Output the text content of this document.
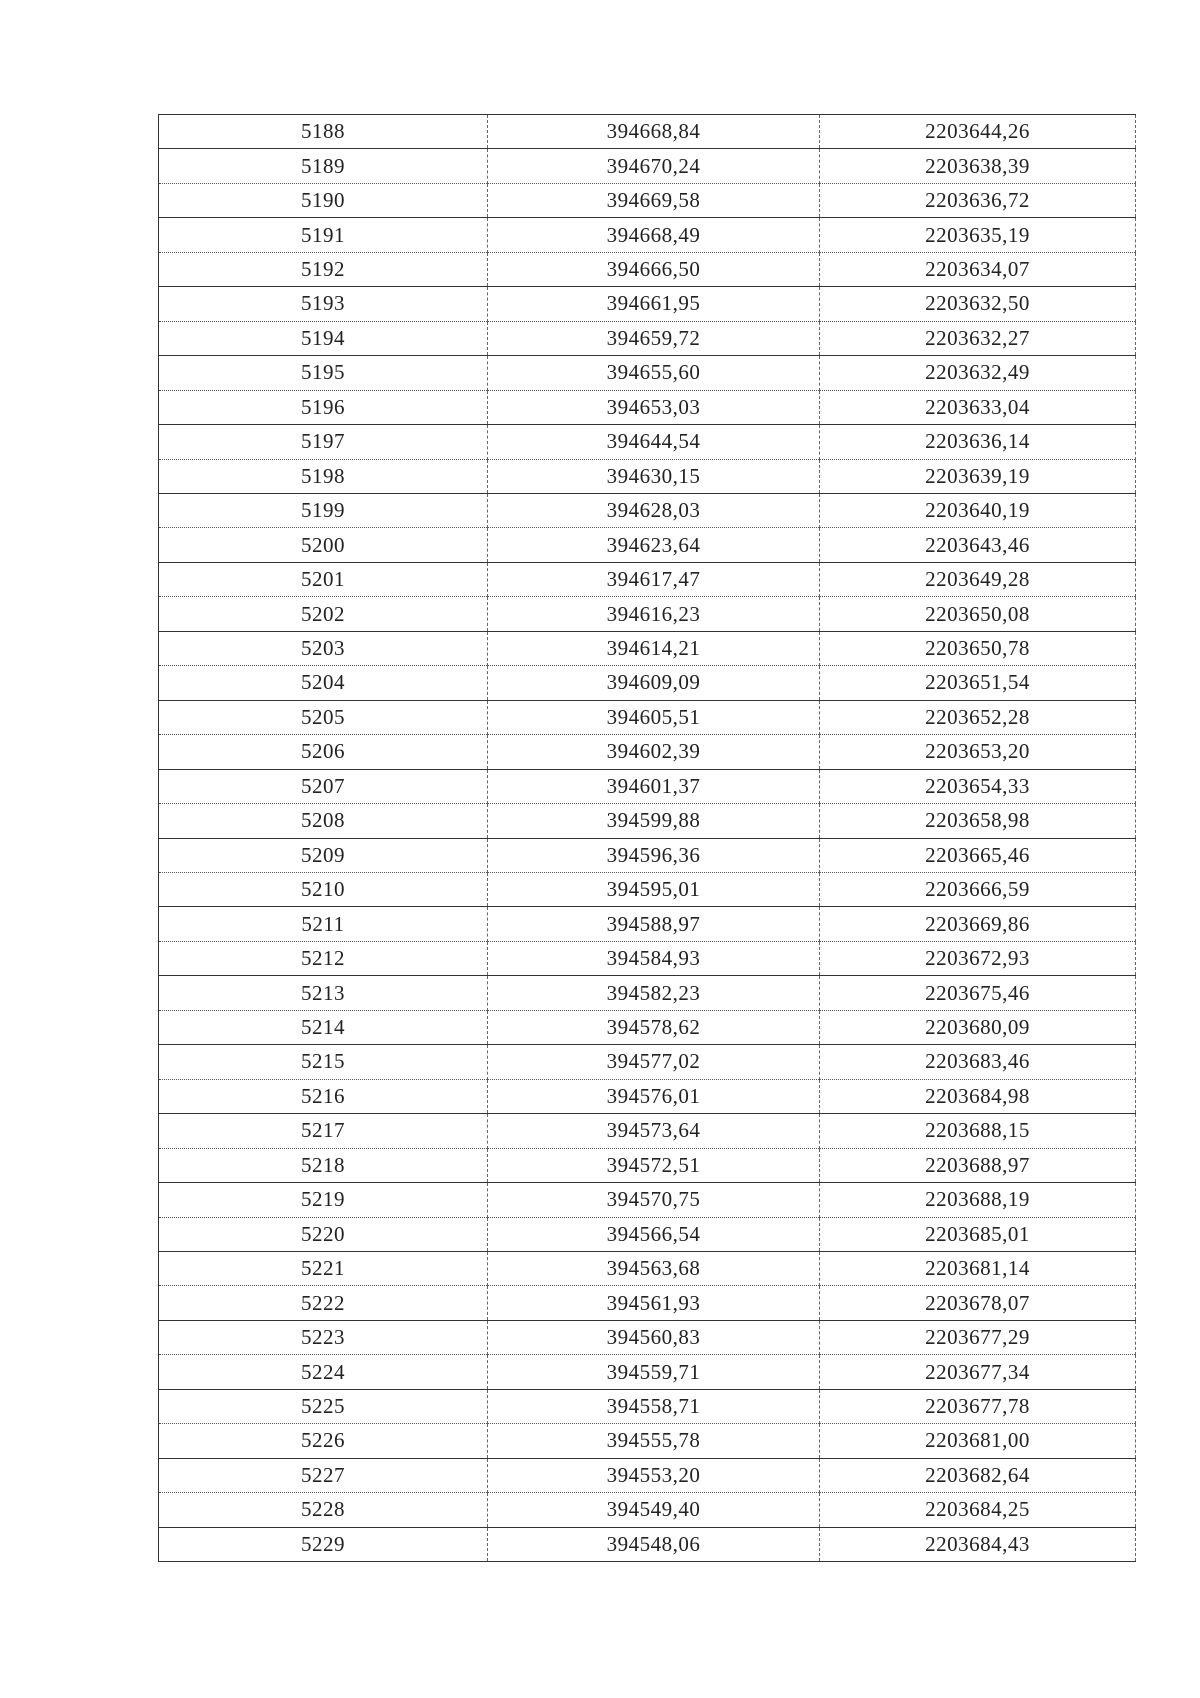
5188	394668,84	2203644,26
5189	394670,24	2203638,39
5190	394669,58	2203636,72
5191	394668,49	2203635,19
5192	394666,50	2203634,07
5193	394661,95	2203632,50
5194	394659,72	2203632,27
5195	394655,60	2203632,49
5196	394653,03	2203633,04
5197	394644,54	2203636,14
5198	394630,15	2203639,19
5199	394628,03	2203640,19
5200	394623,64	2203643,46
5201	394617,47	2203649,28
5202	394616,23	2203650,08
5203	394614,21	2203650,78
5204	394609,09	2203651,54
5205	394605,51	2203652,28
5206	394602,39	2203653,20
5207	394601,37	2203654,33
5208	394599,88	2203658,98
5209	394596,36	2203665,46
5210	394595,01	2203666,59
5211	394588,97	2203669,86
5212	394584,93	2203672,93
5213	394582,23	2203675,46
5214	394578,62	2203680,09
5215	394577,02	2203683,46
5216	394576,01	2203684,98
5217	394573,64	2203688,15
5218	394572,51	2203688,97
5219	394570,75	2203688,19
5220	394566,54	2203685,01
5221	394563,68	2203681,14
5222	394561,93	2203678,07
5223	394560,83	2203677,29
5224	394559,71	2203677,34
5225	394558,71	2203677,78
5226	394555,78	2203681,00
5227	394553,20	2203682,64
5228	394549,40	2203684,25
5229	394548,06	2203684,43
